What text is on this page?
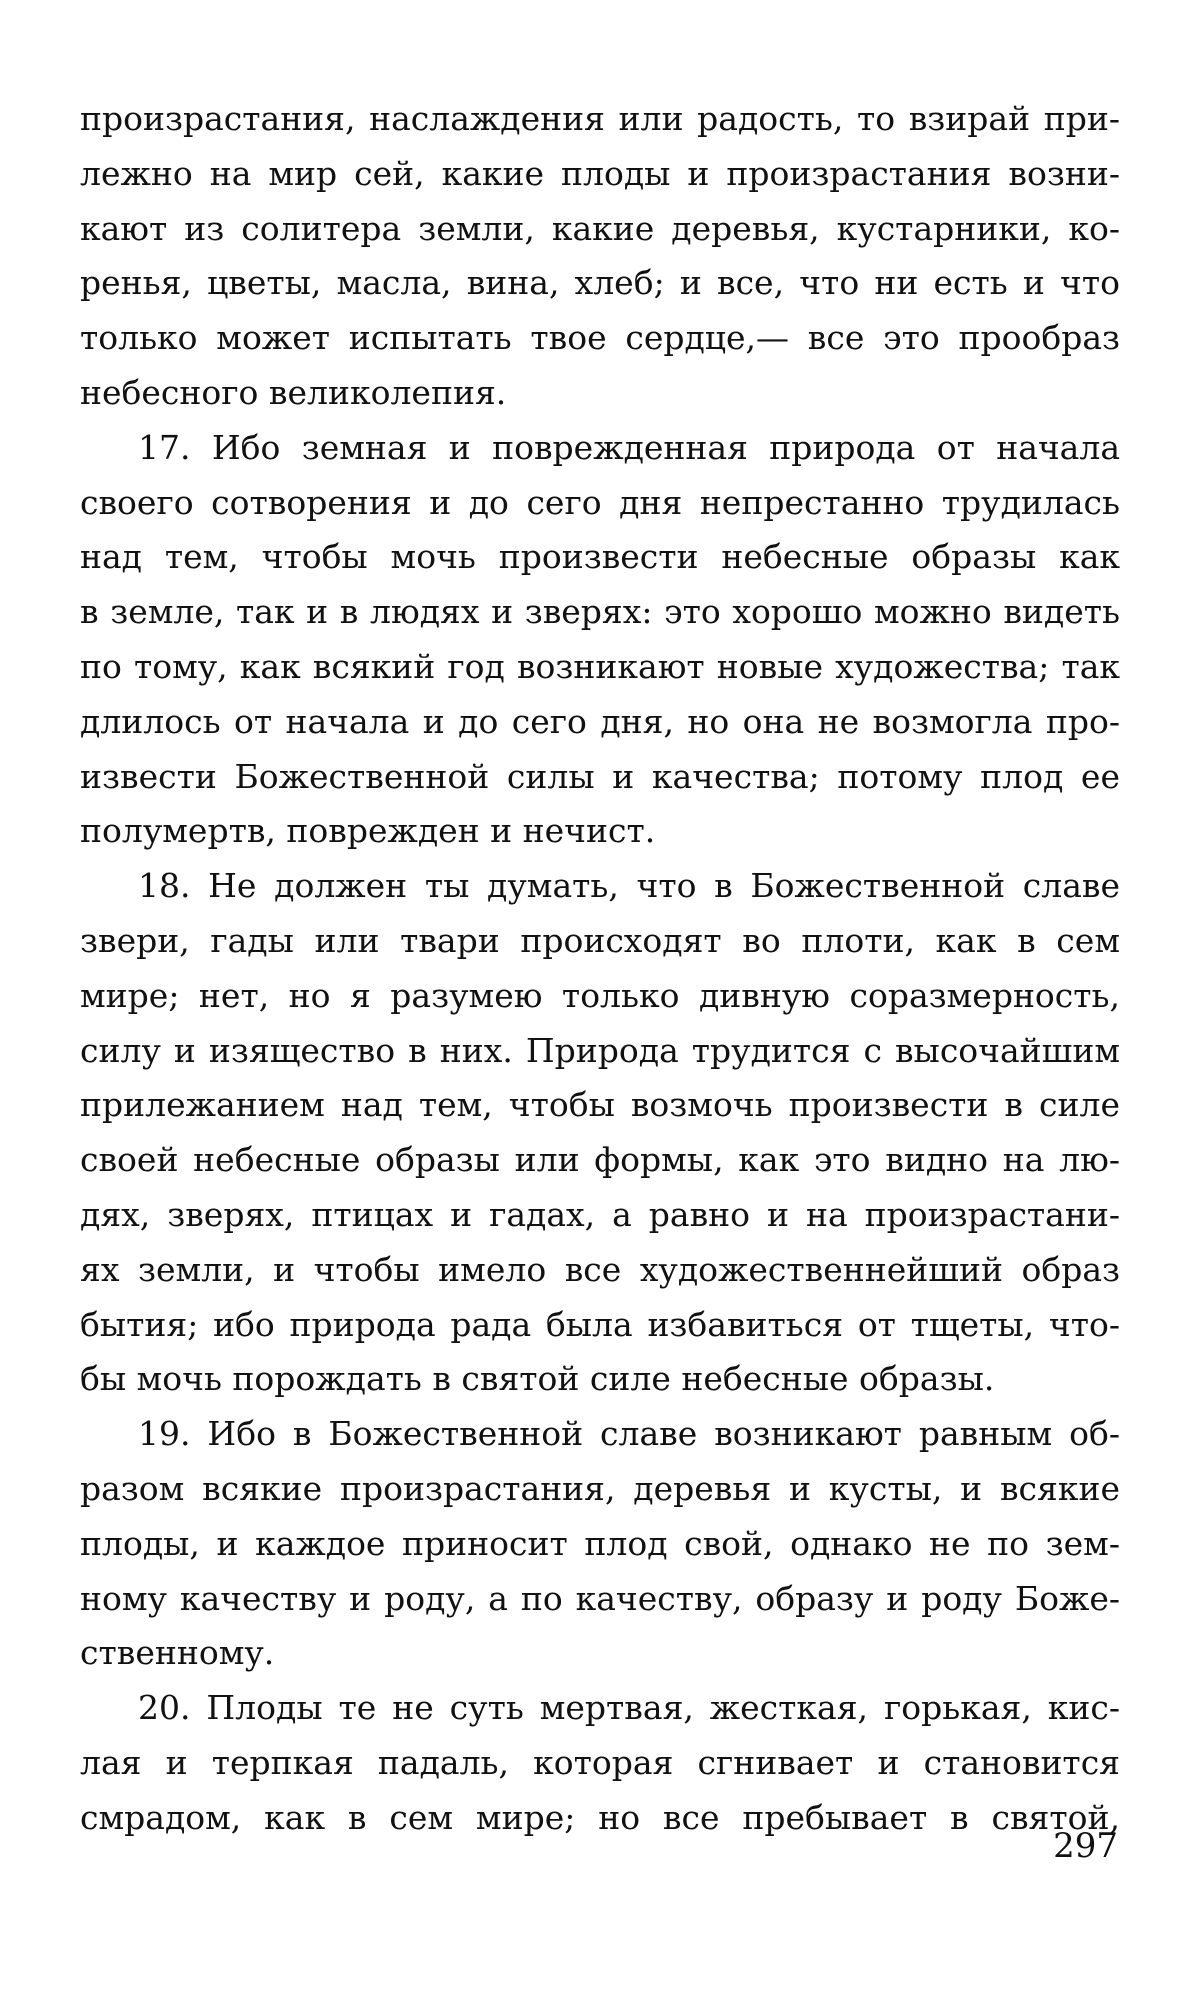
произрастания, наслаждения или радость, то взирай при-
лежно на мир сей, какие плоды и произрастания возни-
кают из солитера земли, какие деревья, кустарники, ко-
ренья, цветы, масла, вина, хлеб; и все, что ни есть и что
только может испытать твое сердце,— все это прообраз
небесного великолепия.
17. Ибо земная и поврежденная природа от начала
своего сотворения и до сего дня непрестанно трудилась
над тем, чтобы мочь произвести небесные образы как
в земле, так и в людях и зверях: это хорошо можно видеть
по тому, как всякий год возникают новые художества; так
длилось от начала и до сего дня, но она не возмогла про-
извести Божественной силы и качества; потому плод ее
полумертв, поврежден и нечист.
18. Не должен ты думать, что в Божественной славе
звери, гады или твари происходят во плоти, как в сем
мире; нет, но я разумею только дивную соразмерность,
силу и изящество в них. Природа трудится с высочайшим
прилежанием над тем, чтобы возмочь произвести в силе
своей небесные образы или формы, как это видно на лю-
дях, зверях, птицах и гадах, а равно и на произрастани-
ях земли, и чтобы имело все художественнейший образ
бытия; ибо природа рада была избавиться от тщеты, что-
бы мочь порождать в святой силе небесные образы.
19. Ибо в Божественной славе возникают равным об-
разом всякие произрастания, деревья и кусты, и всякие
плоды, и каждое приносит плод свой, однако не по зем-
ному качеству и роду, а по качеству, образу и роду Боже-
ственному.
20. Плоды те не суть мертвая, жесткая, горькая, кис-
лая и терпкая падаль, которая сгнивает и становится
смрадом, как в сем мире; но все пребывает в святой,
297
